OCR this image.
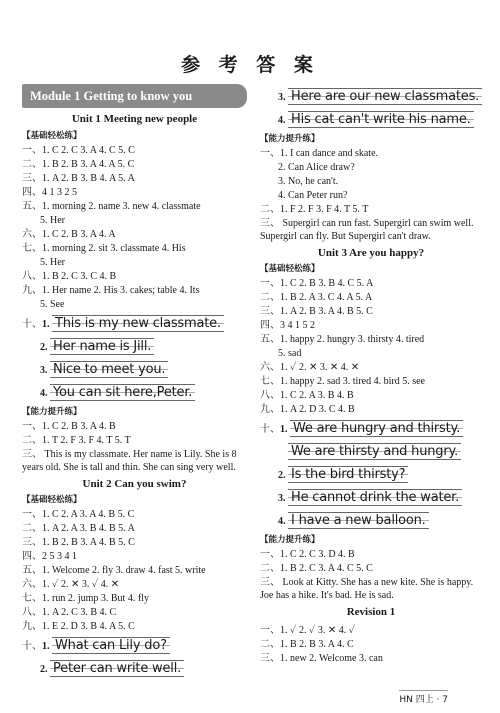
参 考 答 案
Module 1 Getting to know you
Unit 1 Meeting new people
【基础轻松练】
一、1. C 2. C 3. A 4. C 5. C
二、1. B 2. B 3. A 4. A 5. C
三、1. A 2. B 3. B 4. A 5. A
四、4 1 3 2 5
五、1. morning 2. name 3. new 4. classmate
5. Her
六、1. C 2. B 3. A 4. A
七、1. morning 2. sit 3. classmate 4. His
5. Her
八、1. B 2. C 3. C 4. B
九、1. Her name 2. His 3. cakes; table 4. Its
5. See
十、1. This is my new classmate.
2. Her name is Jill.
3. Nice to meet you.
4. You can sit here,Peter.
【能力提升练】
一、1. C 2. B 3. A 4. B
二、1. T 2. F 3. F 4. T 5. T
三、 This is my classmate. Her name is Lily. She is 8 years old. She is tall and thin. She can sing very well.
Unit 2 Can you swim?
【基础轻松练】
一、1. C 2. A 3. A 4. B 5. C
二、1. A 2. A 3. B 4. B 5. A
三、1. B 2. B 3. A 4. B 5. C
四、2 5 3 4 1
五、1. Welcome 2. fly 3. draw 4. fast 5. write
六、1. ✓ 2. ✕ 3. ✓ 4. ✕
七、1. run 2. jump 3. But 4. fly
八、1. A 2. C 3. B 4. C
九、1. E 2. D 3. B 4. A 5. C
十、1. What can Lily do?
2. Peter can write well.
3. Here are our new classmates.
4. His cat can't write his name.
【能力提升练】
一、1. I can dance and skate.
2. Can Alice draw?
3. No, he can't.
4. Can Peter run?
二、1. F 2. F 3. F 4. T 5. T
三、 Supergirl can run fast. Supergirl can swim well. Supergirl can fly. But Supergirl can't draw.
Unit 3 Are you happy?
【基础轻松练】
一、1. C 2. B 3. B 4. C 5. A
二、1. B 2. A 3. C 4. A 5. A
三、1. A 2. B 3. A 4. B 5. C
四、3 4 1 5 2
五、1. happy 2. hungry 3. thirsty 4. tired
5. sad
六、1. ✓ 2. ✕ 3. ✕ 4. ✕
七、1. happy 2. sad 3. tired 4. bird 5. see
八、1. C 2. A 3. B 4. B
九、1. A 2. D 3. C 4. B
十、1. We are hungry and thirsty.
We are thirsty and hungry.
2. Is the bird thirsty?
3. He cannot drink the water.
4. I have a new balloon.
【能力提升练】
一、1. C 2. C 3. D 4. B
二、1. B 2. C 3. A 4. C 5. C
三、 Look at Kitty. She has a new kite. She is happy. Joe has a hike. It's bad. He is sad.
Revision 1
一、1. ✓ 2. ✓ 3. ✕ 4. ✓
二、1. B 2. B 3. A 4. C
三、1. new 2. Welcome 3. can
HN 四上 · 7
